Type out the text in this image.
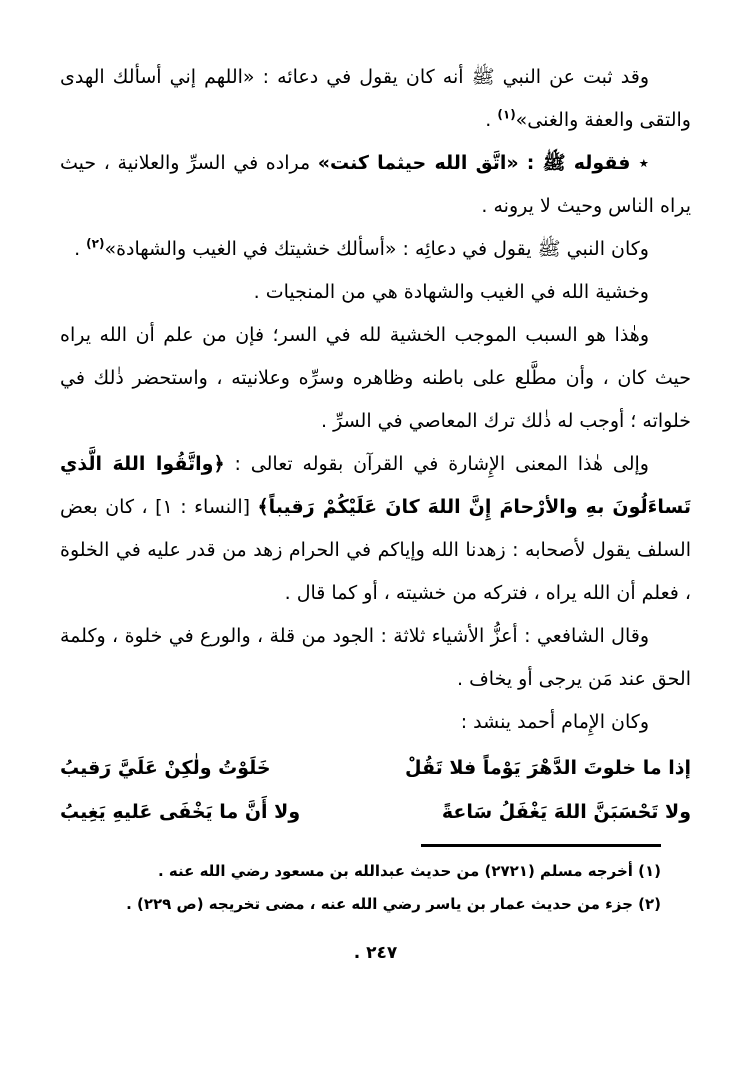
وقد ثبت عن النبي ﷺ أنه كان يقول في دعائه : «اللهم إني أسألك الهدى والتقى والعفة والغنى»$^{(١)}$ .

٭ فقوله ﷺ : «اتَّق الله حيثما كنت» مراده في السرِّ والعلانية ، حيث يراه الناس وحيث لا يرونه .

وكان النبي ﷺ يقول في دعائِه : «أسألك خشيتك في الغيب والشهادة»$^{(٢)}$ .

وخشية الله في الغيب والشهادة هي من المنجيات .

وهٰذا هو السبب الموجب الخشية لله في السر؛ فإن من علم أن الله يراه حيث كان ، وأن مطَّلع على باطنه وظاهره وسرِّه وعلانيته ، واستحضر ذٰلك في خلواته ؛ أوجب له ذٰلك ترك المعاصي في السرِّ .

وإلى هٰذا المعنى الإِشارة في القرآن بقوله تعالى : ﴿واتَّقُوا اللهَ الَّذي تَساءَلُونَ بهِ والأرْحامَ إِنَّ اللهَ كانَ عَلَيْكُمْ رَقيباً﴾ [النساء : ١] ، كان بعض السلف يقول لأصحابه : زهدنا الله وإياكم في الحرام زهد من قدر عليه في الخلوة ، فعلم أن الله يراه ، فتركه من خشيته ، أو كما قال .

وقال الشافعي : أعزُّ الأشياء ثلاثة : الجود من قلة ، والورع في خلوة ، وكلمة الحق عند مَن يرجى أو يخاف .

وكان الإِمام أحمد ينشد :

إذا ما خلوتَ الدَّهْرَ يَوْماً فلا تَقُلْ
خَلَوْتُ ولٰكِنْ عَلَيَّ رَقيبُ
ولا تَحْسَبَنَّ اللهَ يَغْفَلُ سَاعةً
ولا أَنَّ ما يَخْفَى عَليهِ يَغِيبُ

(١) أخرجه مسلم (٢٧٢١) من حديث عبدالله بن مسعود رضي الله عنه .

(٢) جزء من حديث عمار بن ياسر رضي الله عنه ، مضى تخريجه (ص ٢٢٩) .

٢٤٧ .
